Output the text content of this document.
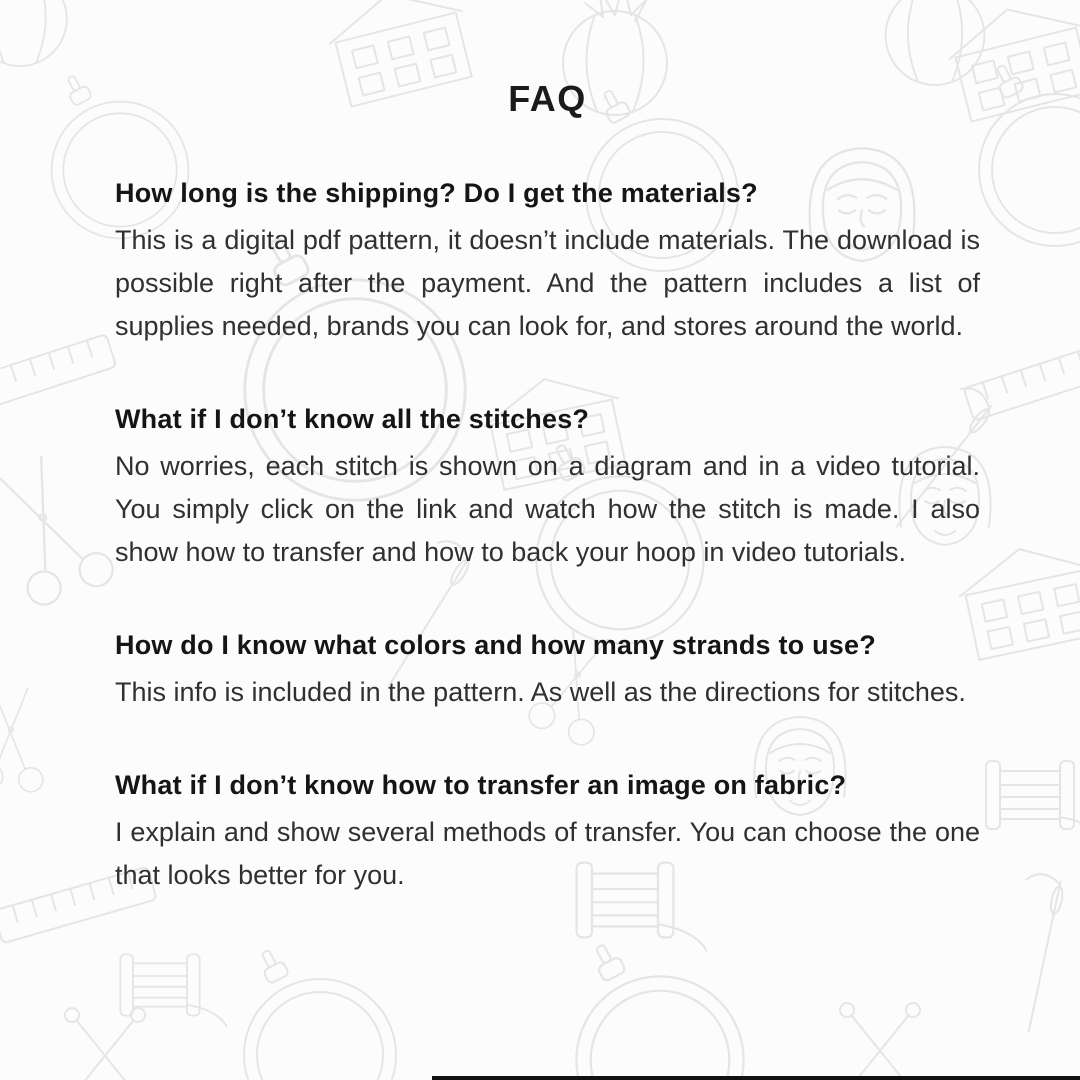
FAQ
How long is the shipping? Do I get the materials?

This is a digital pdf pattern, it doesn’t include materials. The download is possible right after the payment. And the pattern includes a list of supplies needed, brands you can look for, and stores around the world.

What if I don’t know all the stitches?

No worries, each stitch is shown on a diagram and in a video tutorial. You simply click on the link and watch how the stitch is made. I also show how to transfer and how to back your hoop in video tutorials.

How do I know what colors and how many strands to use?

This info is included in the pattern. As well as the directions for stitches.

What if I don’t know how to transfer an image on fabric?

I explain and show several methods of transfer. You can choose the one that looks better for you.
